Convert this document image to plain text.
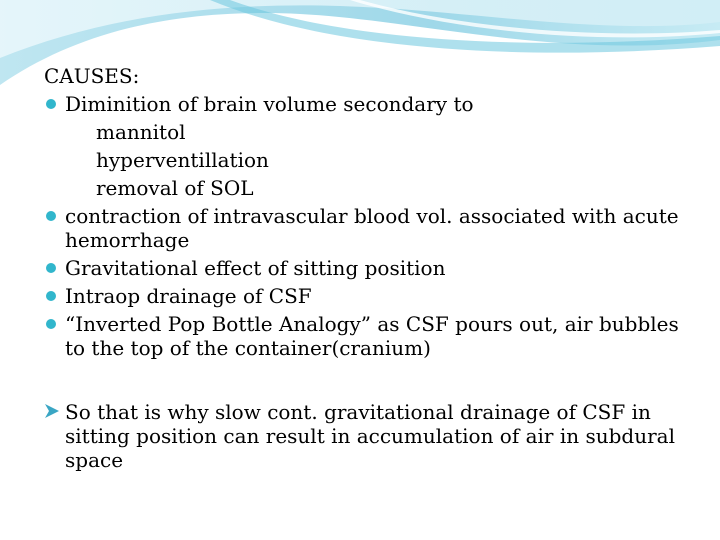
CAUSES:
Diminition of brain volume secondary to
mannitol
hyperventillation
removal of SOL
contraction of intravascular blood vol. associated with acute hemorrhage
Gravitational effect of sitting position
Intraop drainage of CSF
“Inverted Pop Bottle Analogy” as CSF pours out, air bubbles to the top of the container(cranium)
So that is why slow cont. gravitational drainage of CSF in sitting position can result in accumulation of air in subdural space
